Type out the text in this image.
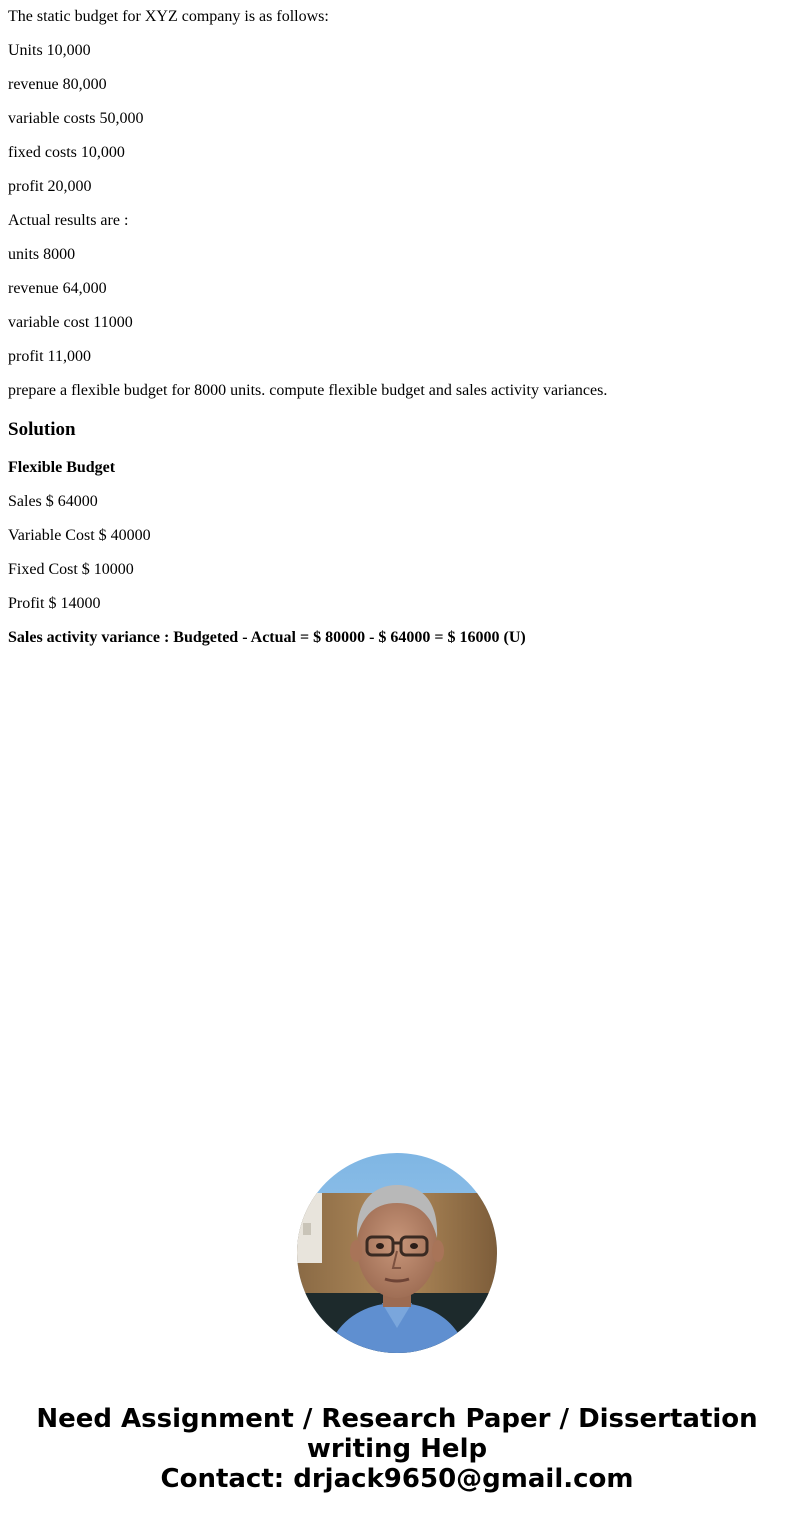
The static budget for XYZ company is as follows:

Units 10,000

revenue 80,000

variable costs 50,000

fixed costs 10,000

profit 20,000

Actual results are :

units 8000

revenue 64,000

variable cost 11000

profit 11,000

prepare a flexible budget for 8000 units. compute flexible budget and sales activity variances.

Solution

Flexible Budget

Sales $ 64000

Variable Cost $ 40000

Fixed Cost $ 10000

Profit $ 14000

Sales activity variance : Budgeted - Actual = $ 80000 - $ 64000 = $ 16000 (U)

Need Assignment / Research Paper / Dissertation
writing Help
Contact: drjack9650@gmail.com
